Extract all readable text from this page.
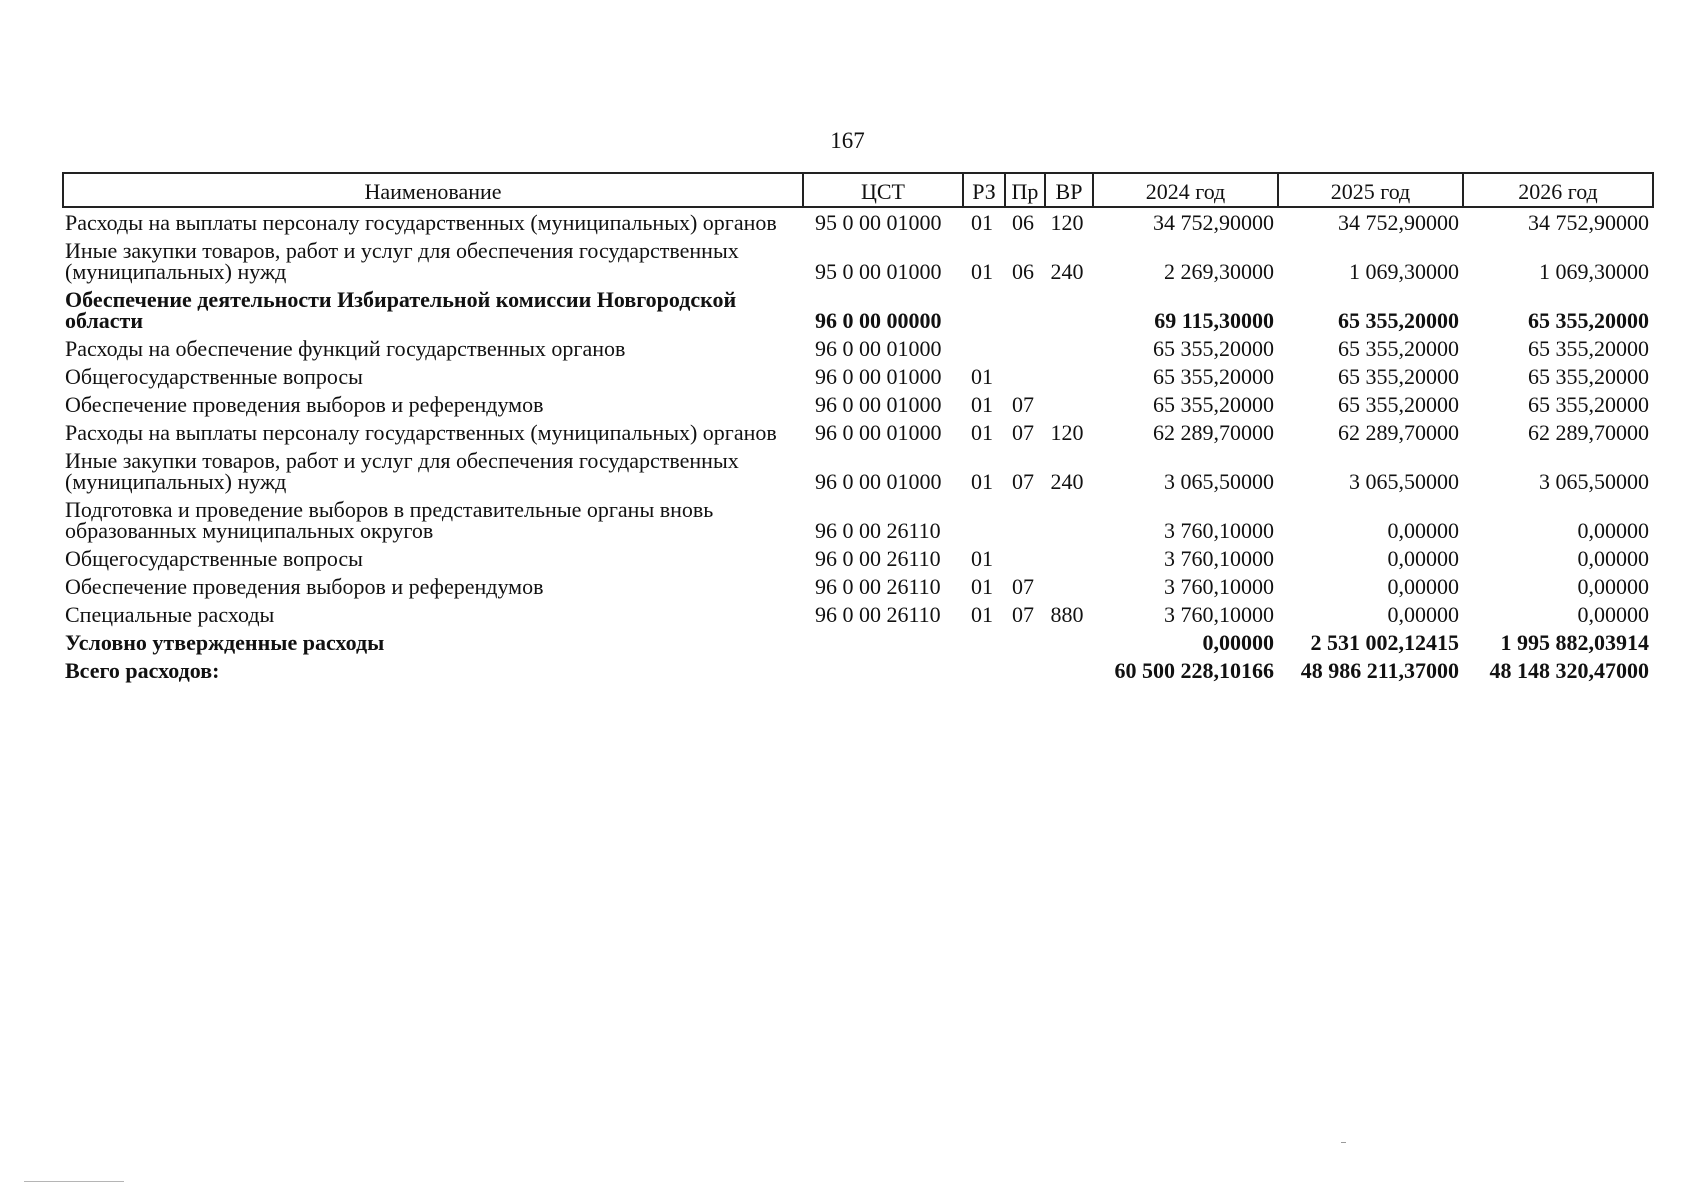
167
Наименование	ЦСТ	РЗ	Пр	ВР	2024 год	2025 год	2026 год
Расходы на выплаты персоналу государственных (муниципальных) органов	95 0 00 01000	01	06	120	34 752,90000	34 752,90000	34 752,90000
Иные закупки товаров, работ и услуг для обеспечения государственных (муниципальных) нужд	95 0 00 01000	01	06	240	2 269,30000	1 069,30000	1 069,30000
Обеспечение деятельности Избирательной комиссии Новгородской области	96 0 00 00000				69 115,30000	65 355,20000	65 355,20000
Расходы на обеспечение функций государственных органов	96 0 00 01000				65 355,20000	65 355,20000	65 355,20000
Общегосударственные вопросы	96 0 00 01000	01			65 355,20000	65 355,20000	65 355,20000
Обеспечение проведения выборов и референдумов	96 0 00 01000	01	07		65 355,20000	65 355,20000	65 355,20000
Расходы на выплаты персоналу государственных (муниципальных) органов	96 0 00 01000	01	07	120	62 289,70000	62 289,70000	62 289,70000
Иные закупки товаров, работ и услуг для обеспечения государственных (муниципальных) нужд	96 0 00 01000	01	07	240	3 065,50000	3 065,50000	3 065,50000
Подготовка и проведение выборов в представительные органы вновь образованных муниципальных округов	96 0 00 26110				3 760,10000	0,00000	0,00000
Общегосударственные вопросы	96 0 00 26110	01			3 760,10000	0,00000	0,00000
Обеспечение проведения выборов и референдумов	96 0 00 26110	01	07		3 760,10000	0,00000	0,00000
Специальные расходы	96 0 00 26110	01	07	880	3 760,10000	0,00000	0,00000
Условно утвержденные расходы					0,00000	2 531 002,12415	1 995 882,03914
Всего расходов:					60 500 228,10166	48 986 211,37000	48 148 320,47000
